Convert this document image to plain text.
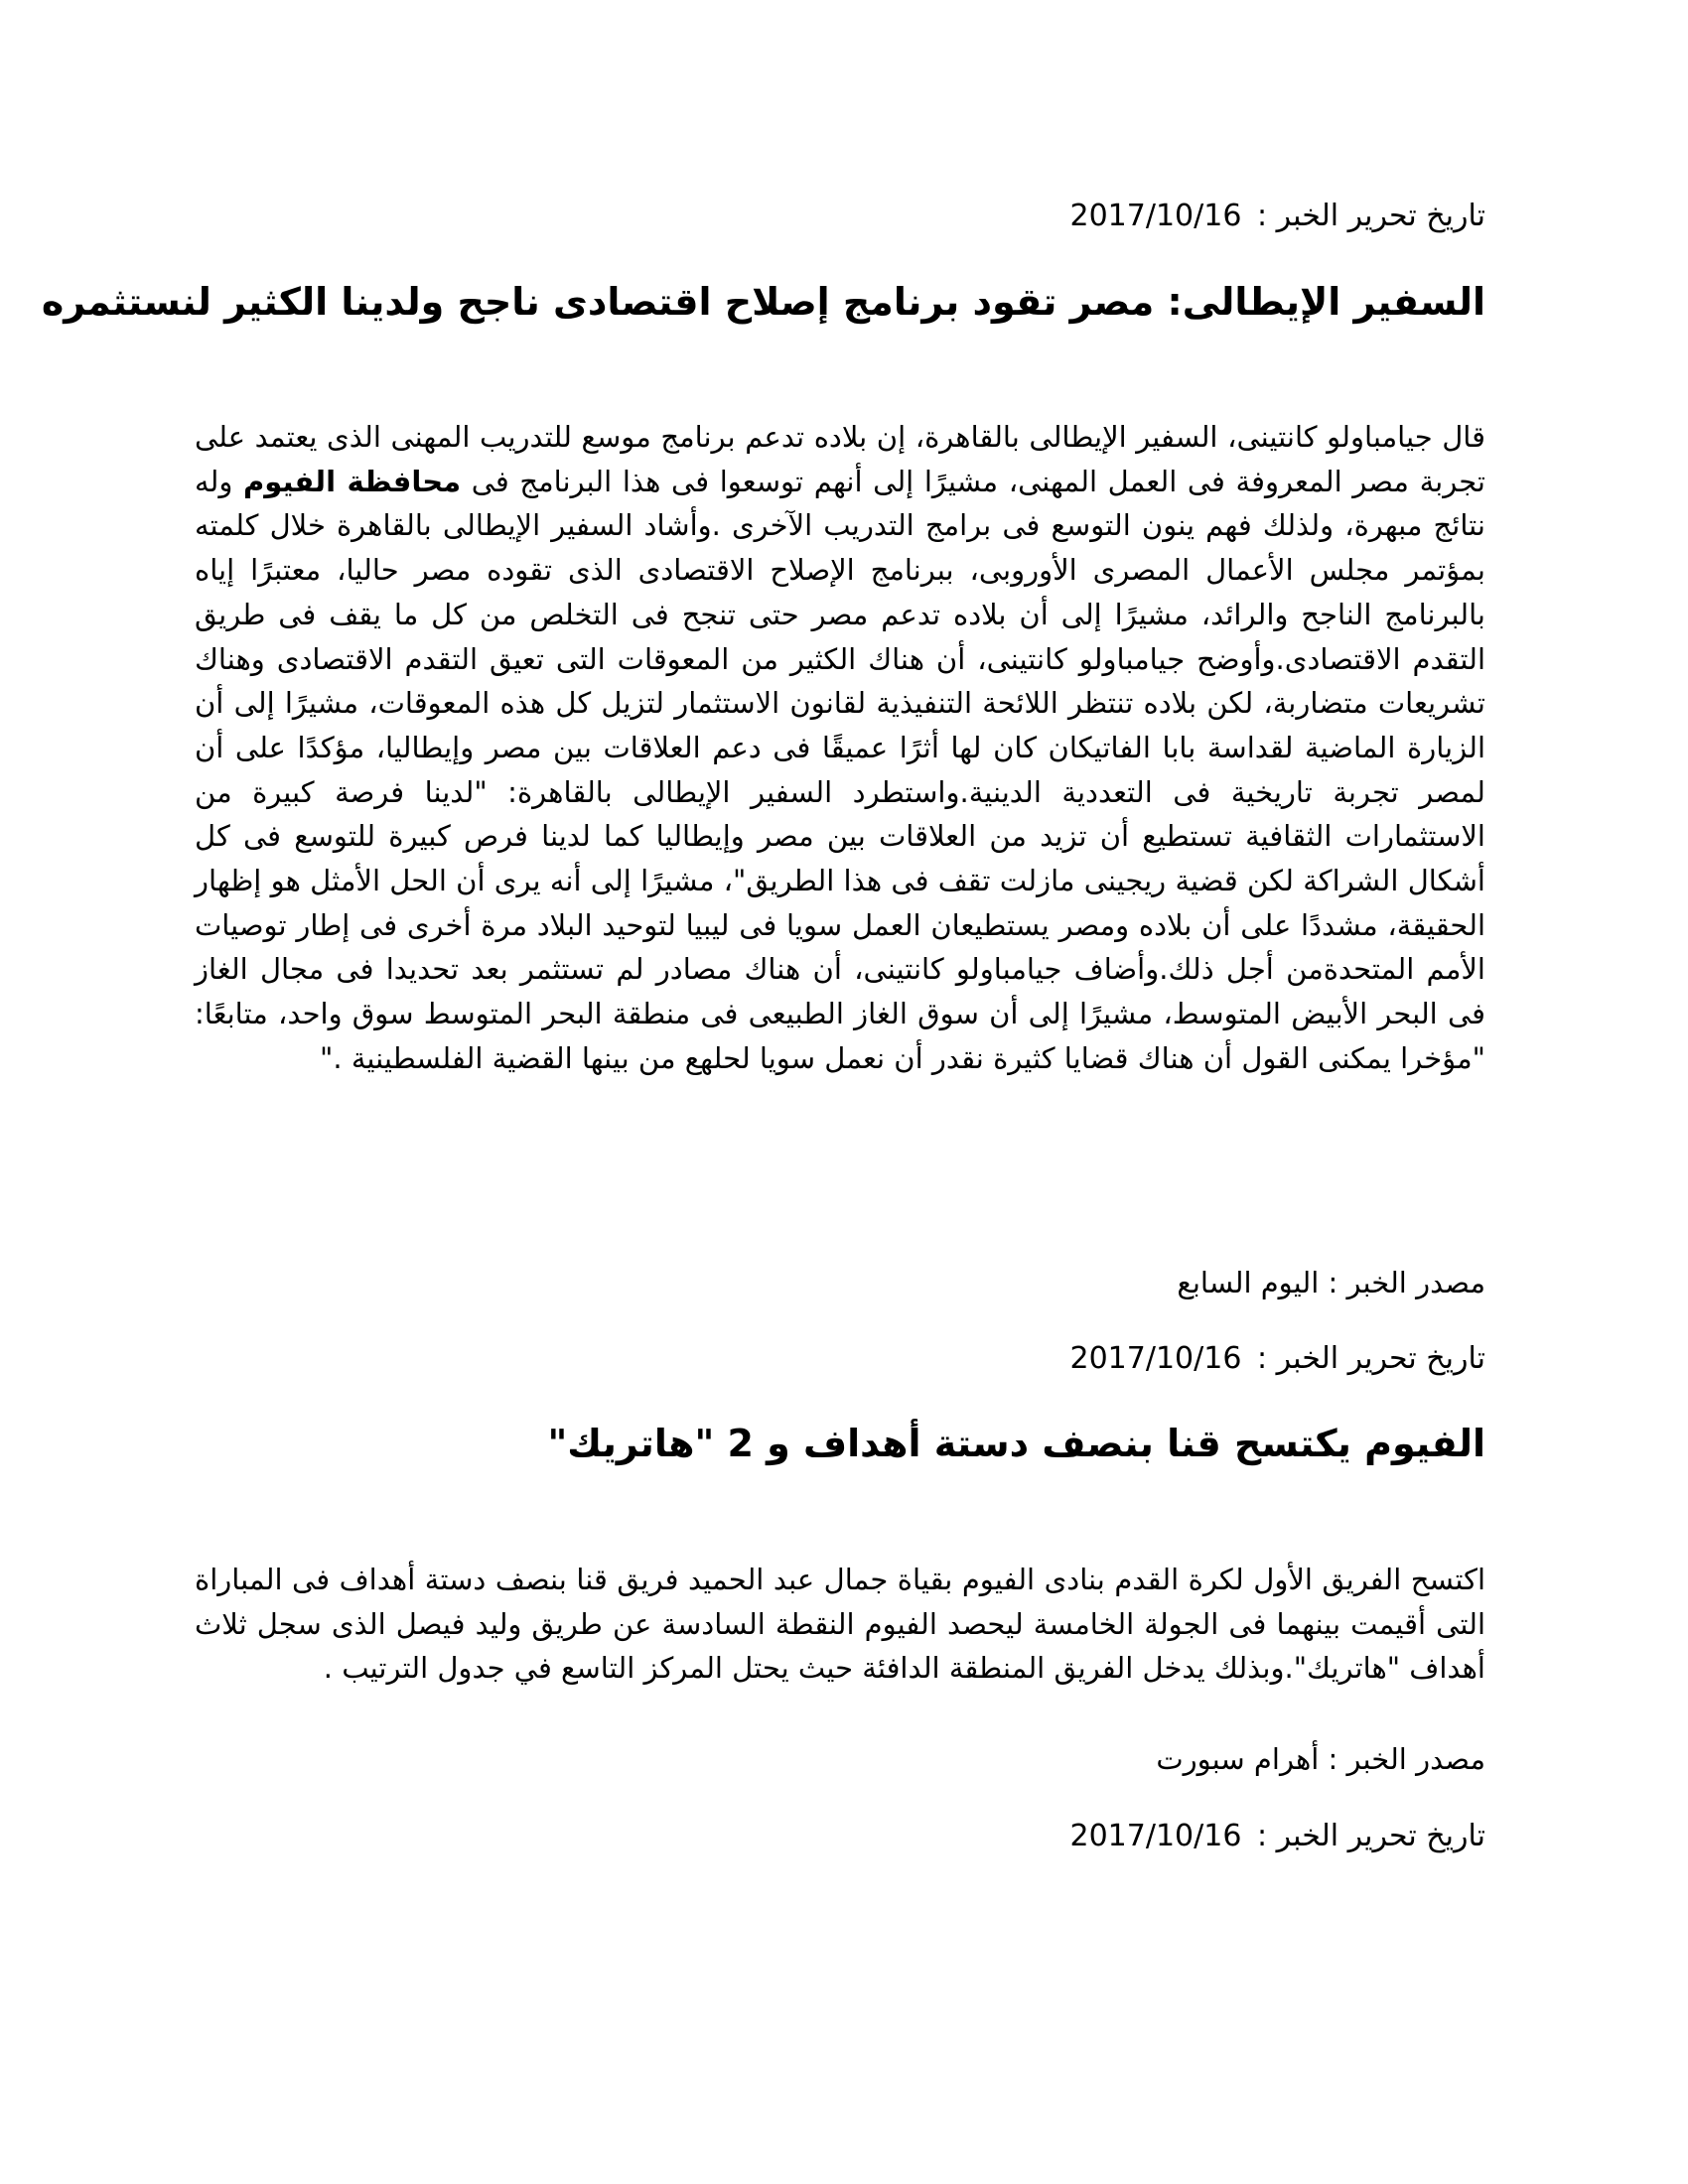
تاريخ تحرير الخبر : 2017/10/16
السفير الإيطالى: مصر تقود برنامج إصلاح اقتصادى ناجح ولدينا الكثير لنستثمره
قال جيامباولو كانتينى، السفير الإيطالى بالقاهرة، إن بلاده تدعم برنامج موسع للتدريب المهنى الذى يعتمد على تجربة مصر المعروفة فى العمل المهنى، مشيرًا إلى أنهم توسعوا فى هذا البرنامج فى محافظة الفيوم وله نتائج مبهرة، ولذلك فهم ينون التوسع فى برامج التدريب الآخرى .وأشاد السفير الإيطالى بالقاهرة خلال كلمته بمؤتمر مجلس الأعمال المصرى الأوروبى، ببرنامج الإصلاح الاقتصادى الذى تقوده مصر حاليا، معتبرًا إياه بالبرنامج الناجح والرائد، مشيرًا إلى أن بلاده تدعم مصر حتى تنجح فى التخلص من كل ما يقف فى طريق التقدم الاقتصادى.وأوضح جيامباولو كانتينى، أن هناك الكثير من المعوقات التى تعيق التقدم الاقتصادى وهناك تشريعات متضاربة، لكن بلاده تنتظر اللائحة التنفيذية لقانون الاستثمار لتزيل كل هذه المعوقات، مشيرًا إلى أن الزيارة الماضية لقداسة بابا الفاتيكان كان لها أثرًا عميقًا فى دعم العلاقات بين مصر وإيطاليا، مؤكدًا على أن لمصر تجربة تاريخية فى التعددية الدينية.واستطرد السفير الإيطالى بالقاهرة: "لدينا فرصة كبيرة من الاستثمارات الثقافية تستطيع أن تزيد من العلاقات بين مصر وإيطاليا كما لدينا فرص كبيرة للتوسع فى كل أشكال الشراكة لكن قضية ريجينى مازلت تقف فى هذا الطريق"، مشيرًا إلى أنه يرى أن الحل الأمثل هو إظهار الحقيقة، مشددًا على أن بلاده ومصر يستطيعان العمل سويا فى ليبيا لتوحيد البلاد مرة أخرى فى إطار توصيات الأمم المتحدةمن أجل ذلك.وأضاف جيامباولو كانتينى، أن هناك مصادر لم تستثمر بعد تحديدا فى مجال الغاز فى البحر الأبيض المتوسط، مشيرًا إلى أن سوق الغاز الطبيعى فى منطقة البحر المتوسط سوق واحد، متابعًا: "مؤخرا يمكنى القول أن هناك قضايا كثيرة نقدر أن نعمل سويا لحلهع من بينها القضية الفلسطينية ."
مصدر الخبر : اليوم السابع
تاريخ تحرير الخبر : 2017/10/16
الفيوم يكتسح قنا بنصف دستة أهداف و 2 "هاتريك"
اكتسح الفريق الأول لكرة القدم بنادى الفيوم بقياة جمال عبد الحميد فريق قنا بنصف دستة أهداف فى المباراة التى أقيمت بينهما فى الجولة الخامسة ليحصد الفيوم النقطة السادسة عن طريق وليد فيصل الذى سجل ثلاث أهداف "هاتريك".وبذلك يدخل الفريق المنطقة الدافئة حيث يحتل المركز التاسع في جدول الترتيب .
مصدر الخبر : أهرام سبورت
تاريخ تحرير الخبر : 2017/10/16
